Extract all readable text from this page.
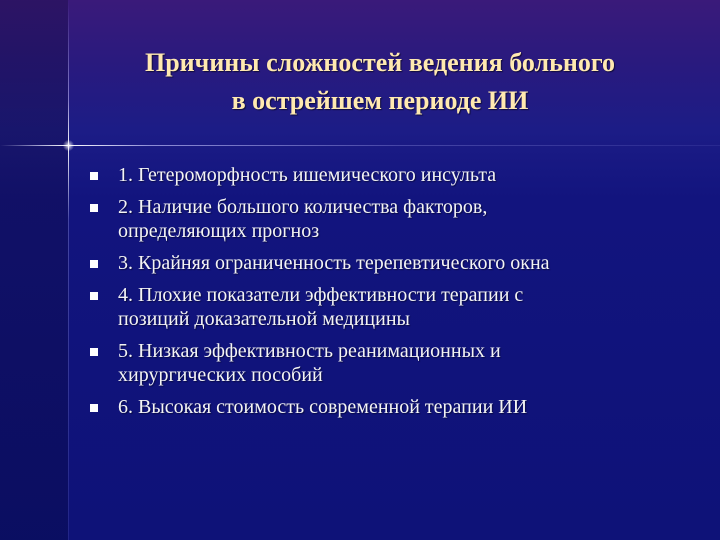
Причины сложностей ведения больного
в острейшем периоде ИИ
1. Гетероморфность ишемического инсульта
2. Наличие большого количества факторов,
определяющих прогноз
3. Крайняя ограниченность терепевтического окна
4. Плохие показатели эффективности терапии с
позиций доказательной медицины
5. Низкая эффективность реанимационных и
хирургических пособий
6. Высокая стоимость современной терапии ИИ
